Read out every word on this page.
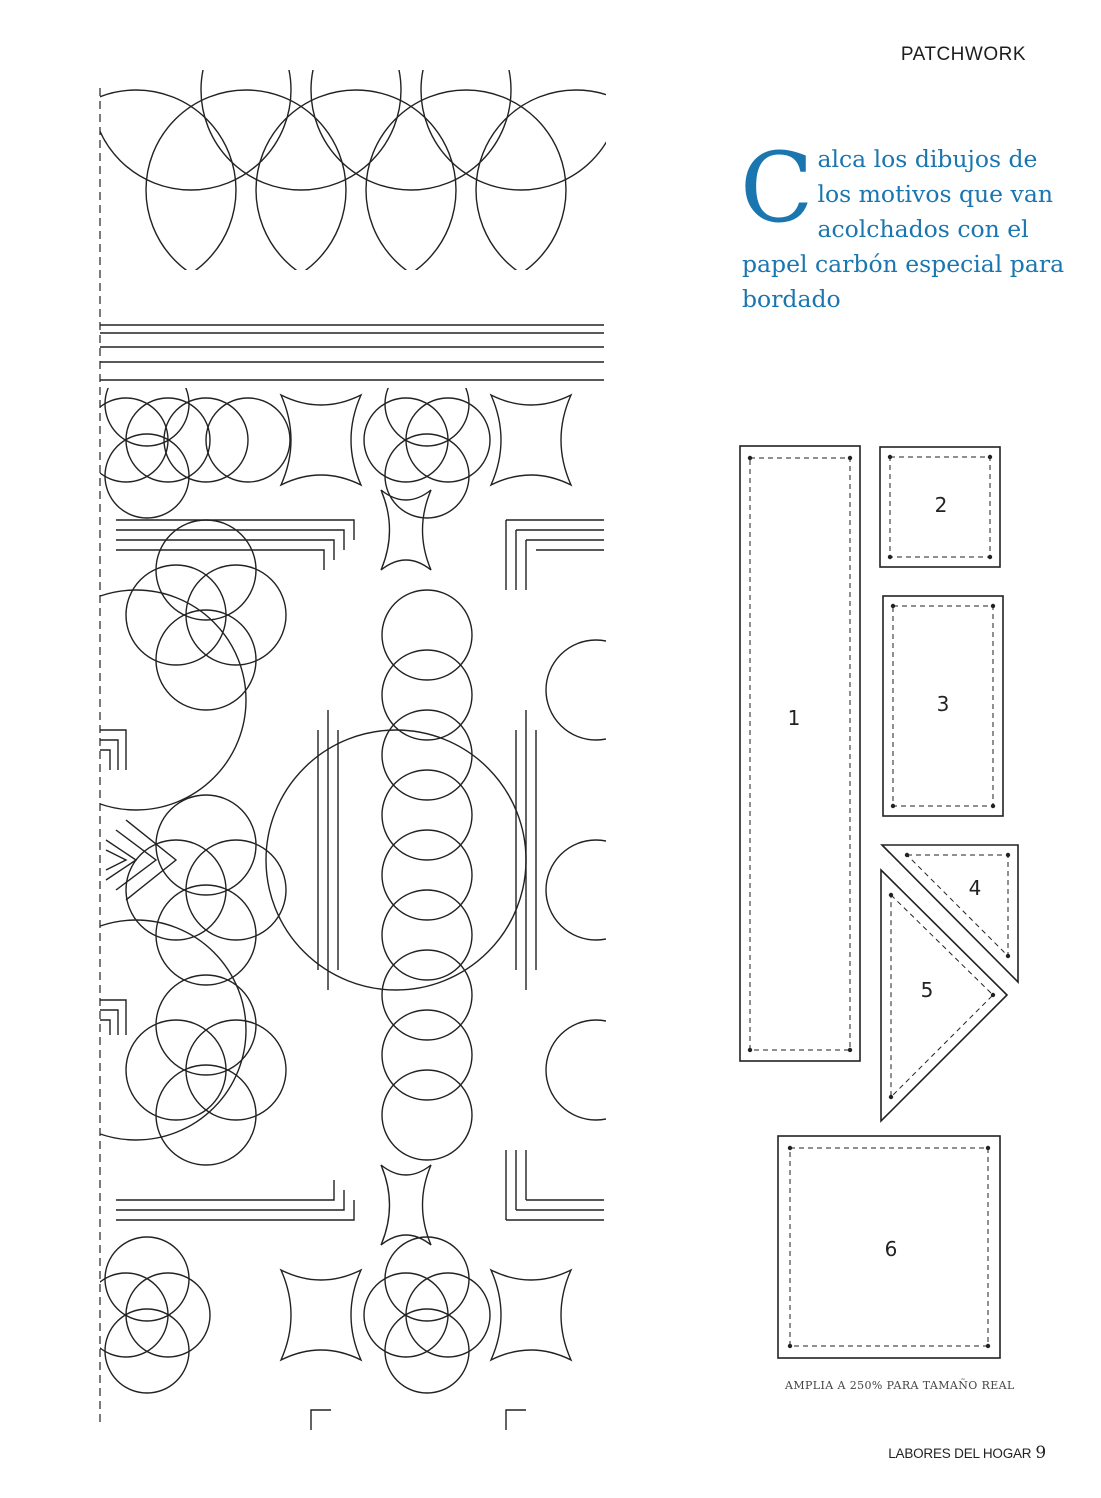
PATCHWORK
C alca los dibujos de los motivos que van acolchados con el papel carbón especial para bordado
1
2
3
4
5
6
AMPLIA A 250% PARA TAMAÑO REAL
LABORES DEL HOGAR 9
